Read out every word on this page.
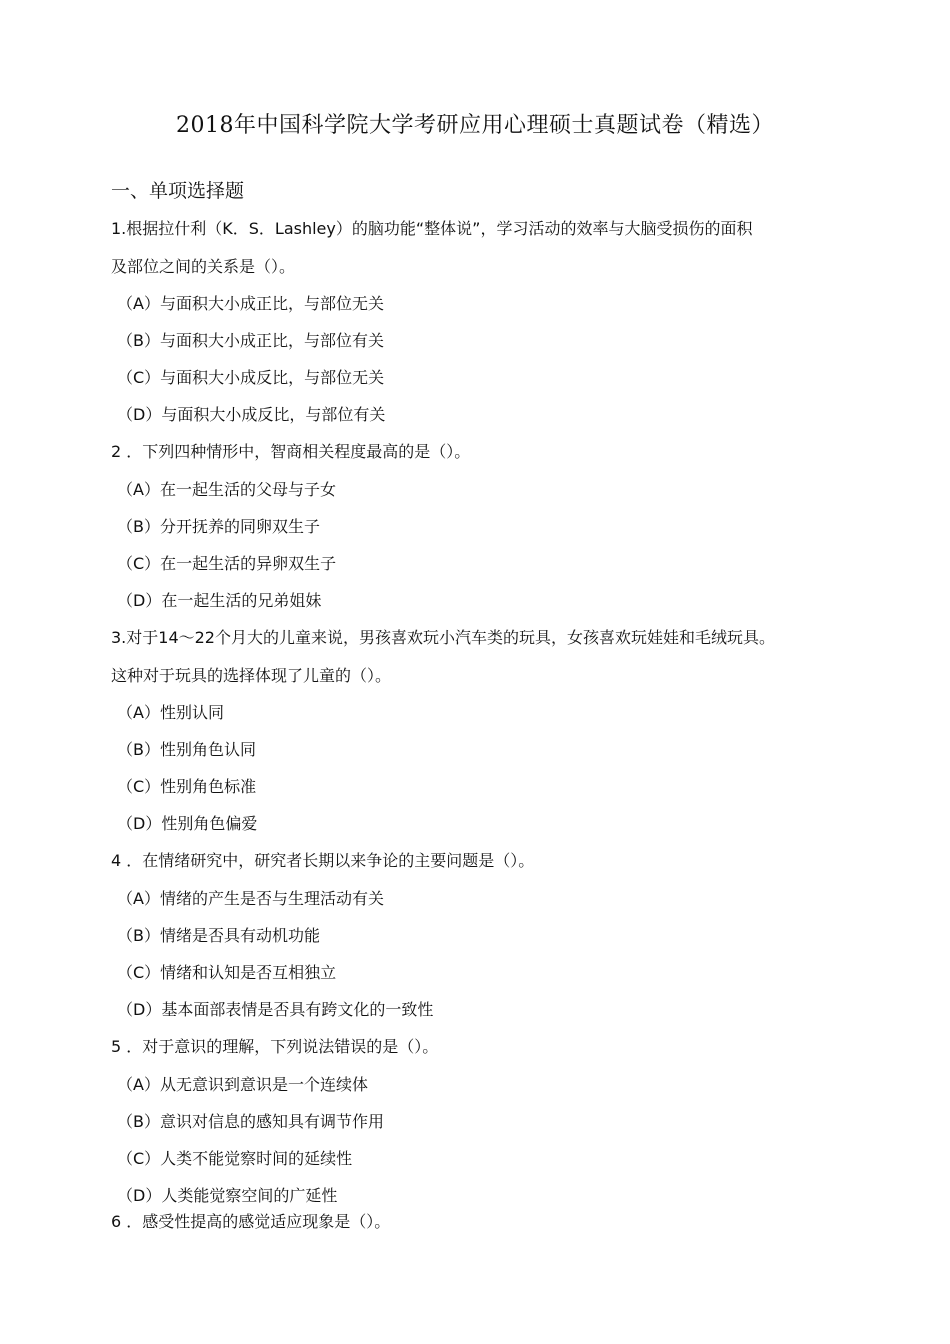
2018年中国科学院大学考研应用心理硕士真题试卷（精选）
一、单项选择题
1.根据拉什利（K．S．Lashley）的脑功能“整体说”，学习活动的效率与大脑受损伤的面积
及部位之间的关系是（）。
（A）与面积大小成正比，与部位无关
（B）与面积大小成正比，与部位有关
（C）与面积大小成反比，与部位无关
（D）与面积大小成反比，与部位有关
2 ．下列四种情形中，智商相关程度最高的是（）。
（A）在一起生活的父母与子女
（B）分开抚养的同卵双生子
（C）在一起生活的异卵双生子
（D）在一起生活的兄弟姐妹
3.对于14～22个月大的儿童来说，男孩喜欢玩小汽车类的玩具，女孩喜欢玩娃娃和毛绒玩具。
这种对于玩具的选择体现了儿童的（）。
（A）性别认同
（B）性别角色认同
（C）性别角色标准
（D）性别角色偏爱
4 ．在情绪研究中，研究者长期以来争论的主要问题是（）。
（A）情绪的产生是否与生理活动有关
（B）情绪是否具有动机功能
（C）情绪和认知是否互相独立
（D）基本面部表情是否具有跨文化的一致性
5 ．对于意识的理解，下列说法错误的是（）。
（A）从无意识到意识是一个连续体
（B）意识对信息的感知具有调节作用
（C）人类不能觉察时间的延续性
（D）人类能觉察空间的广延性
6 ．感受性提高的感觉适应现象是（）。
